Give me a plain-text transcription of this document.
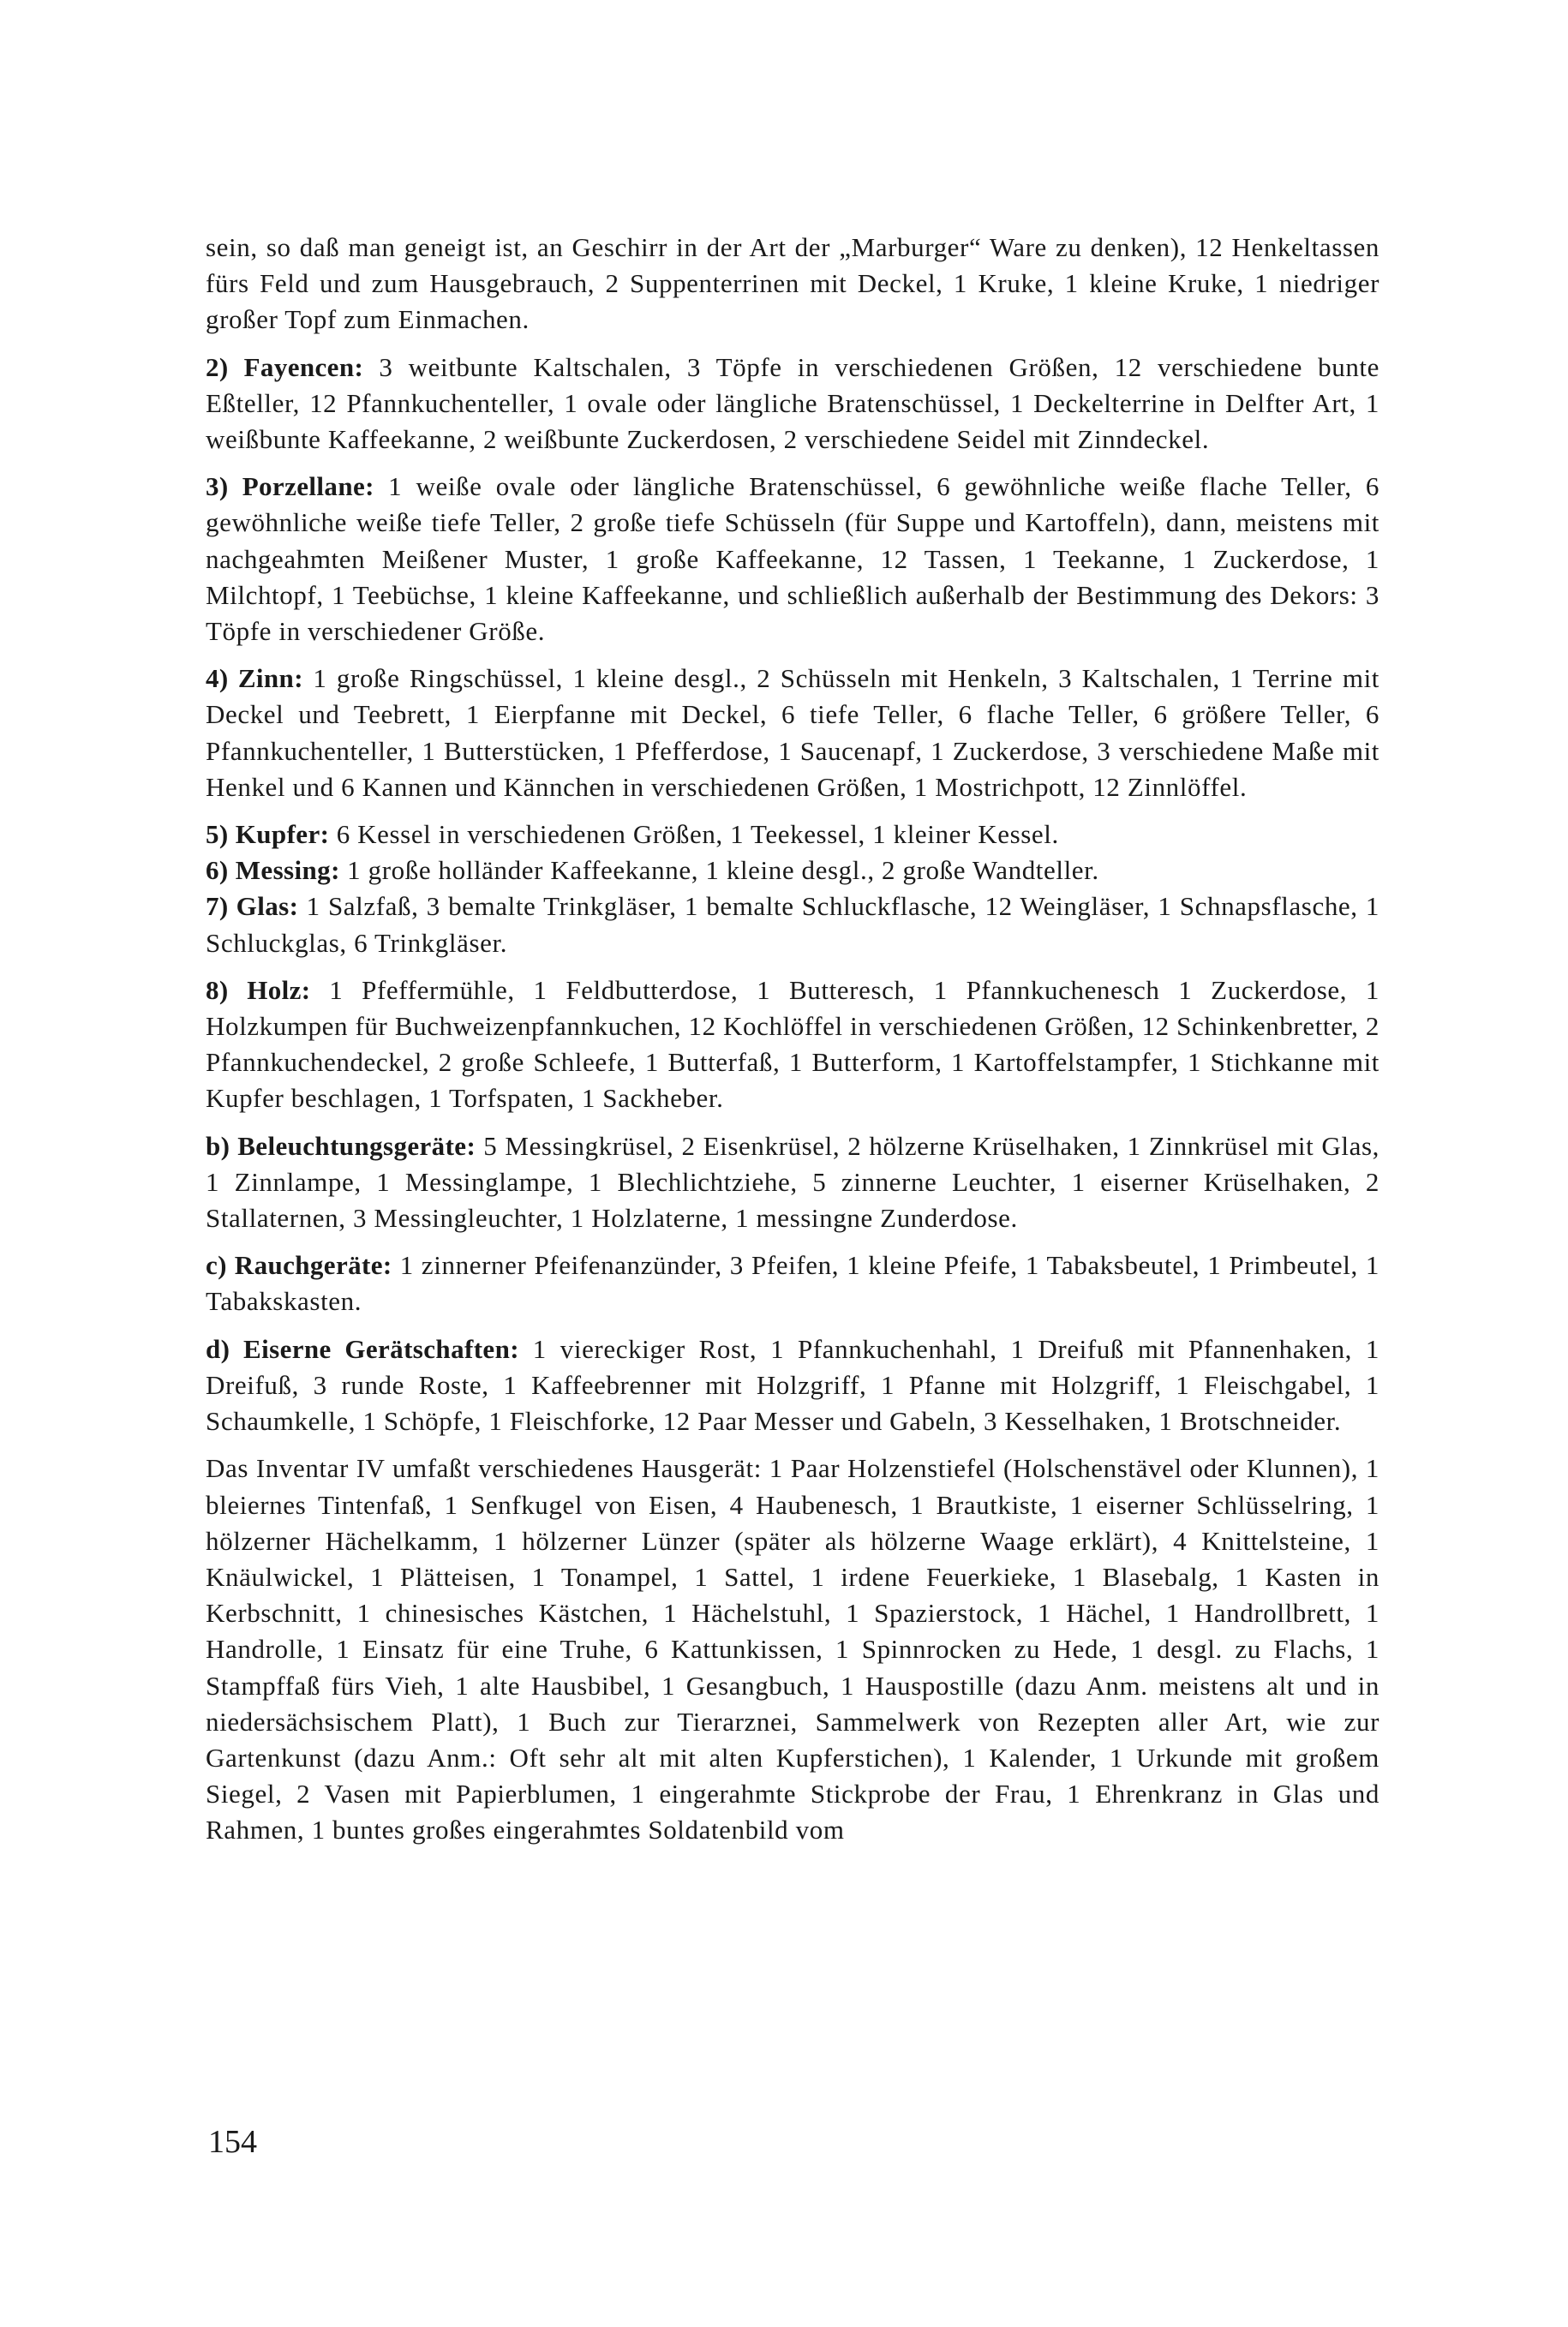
sein, so daß man geneigt ist, an Geschirr in der Art der „Marburger“ Ware zu denken), 12 Henkeltassen fürs Feld und zum Hausgebrauch, 2 Suppenterrinen mit Deckel, 1 Kruke, 1 kleine Kruke, 1 niedriger großer Topf zum Einmachen.

2) Fayencen: 3 weitbunte Kaltschalen, 3 Töpfe in verschiedenen Größen, 12 verschiedene bunte Eßteller, 12 Pfannkuchenteller, 1 ovale oder längliche Bratenschüssel, 1 Deckelterrine in Delfter Art, 1 weißbunte Kaffeekanne, 2 weißbunte Zuckerdosen, 2 verschiedene Seidel mit Zinndeckel.

3) Porzellane: 1 weiße ovale oder längliche Bratenschüssel, 6 gewöhnliche weiße flache Teller, 6 gewöhnliche weiße tiefe Teller, 2 große tiefe Schüsseln (für Suppe und Kartoffeln), dann, meistens mit nachgeahmten Meißener Muster, 1 große Kaffeekanne, 12 Tassen, 1 Teekanne, 1 Zuckerdose, 1 Milchtopf, 1 Teebüchse, 1 kleine Kaffeekanne, und schließlich außerhalb der Bestimmung des Dekors: 3 Töpfe in verschiedener Größe.

4) Zinn: 1 große Ringschüssel, 1 kleine desgl., 2 Schüsseln mit Henkeln, 3 Kaltschalen, 1 Terrine mit Deckel und Teebrett, 1 Eierpfanne mit Deckel, 6 tiefe Teller, 6 flache Teller, 6 größere Teller, 6 Pfannkuchenteller, 1 Butterstücken, 1 Pfefferdose, 1 Saucenapf, 1 Zuckerdose, 3 verschiedene Maße mit Henkel und 6 Kannen und Kännchen in verschiedenen Größen, 1 Mostrichpott, 12 Zinnlöffel.

5) Kupfer: 6 Kessel in verschiedenen Größen, 1 Teekessel, 1 kleiner Kessel.

6) Messing: 1 große holländer Kaffeekanne, 1 kleine desgl., 2 große Wandteller.

7) Glas: 1 Salzfaß, 3 bemalte Trinkgläser, 1 bemalte Schluckflasche, 12 Weingläser, 1 Schnapsflasche, 1 Schluckglas, 6 Trinkgläser.

8) Holz: 1 Pfeffermühle, 1 Feldbutterdose, 1 Butteresch, 1 Pfannkuchenesch 1 Zuckerdose, 1 Holzkumpen für Buchweizenpfannkuchen, 12 Kochlöffel in verschiedenen Größen, 12 Schinkenbretter, 2 Pfannkuchendeckel, 2 große Schleefe, 1 Butterfaß, 1 Butterform, 1 Kartoffelstampfer, 1 Stichkanne mit Kupfer beschlagen, 1 Torfspaten, 1 Sackheber.

b) Beleuchtungsgeräte: 5 Messingkrüsel, 2 Eisenkrüsel, 2 hölzerne Krüselhaken, 1 Zinnkrüsel mit Glas, 1 Zinnlampe, 1 Messinglampe, 1 Blechlichtziehe, 5 zinnerne Leuchter, 1 eiserner Krüselhaken, 2 Stallaternen, 3 Messingleuchter, 1 Holzlaterne, 1 messingne Zunderdose.

c) Rauchgeräte: 1 zinnerner Pfeifenanzünder, 3 Pfeifen, 1 kleine Pfeife, 1 Tabaksbeutel, 1 Primbeutel, 1 Tabakskasten.

d) Eiserne Gerätschaften: 1 viereckiger Rost, 1 Pfannkuchenhahl, 1 Dreifuß mit Pfannenhaken, 1 Dreifuß, 3 runde Roste, 1 Kaffeebrenner mit Holzgriff, 1 Pfanne mit Holzgriff, 1 Fleischgabel, 1 Schaumkelle, 1 Schöpfe, 1 Fleischforke, 12 Paar Messer und Gabeln, 3 Kesselhaken, 1 Brotschneider.

Das Inventar IV umfaßt verschiedenes Hausgerät: 1 Paar Holzenstiefel (Holschenstävel oder Klunnen), 1 bleiernes Tintenfaß, 1 Senfkugel von Eisen, 4 Haubenesch, 1 Brautkiste, 1 eiserner Schlüsselring, 1 hölzerner Hächelkamm, 1 hölzerner Lünzer (später als hölzerne Waage erklärt), 4 Knittelsteine, 1 Knäulwickel, 1 Plätteisen, 1 Tonampel, 1 Sattel, 1 irdene Feuerkieke, 1 Blasebalg, 1 Kasten in Kerbschnitt, 1 chinesisches Kästchen, 1 Hächelstuhl, 1 Spazierstock, 1 Hächel, 1 Handrollbrett, 1 Handrolle, 1 Einsatz für eine Truhe, 6 Kattunkissen, 1 Spinnrocken zu Hede, 1 desgl. zu Flachs, 1 Stampffaß fürs Vieh, 1 alte Hausbibel, 1 Gesangbuch, 1 Hauspostille (dazu Anm. meistens alt und in niedersächsischem Platt), 1 Buch zur Tierarznei, Sammelwerk von Rezepten aller Art, wie zur Gartenkunst (dazu Anm.: Oft sehr alt mit alten Kupferstichen), 1 Kalender, 1 Urkunde mit großem Siegel, 2 Vasen mit Papierblumen, 1 eingerahmte Stickprobe der Frau, 1 Ehrenkranz in Glas und Rahmen, 1 buntes großes eingerahmtes Soldatenbild vom

154
